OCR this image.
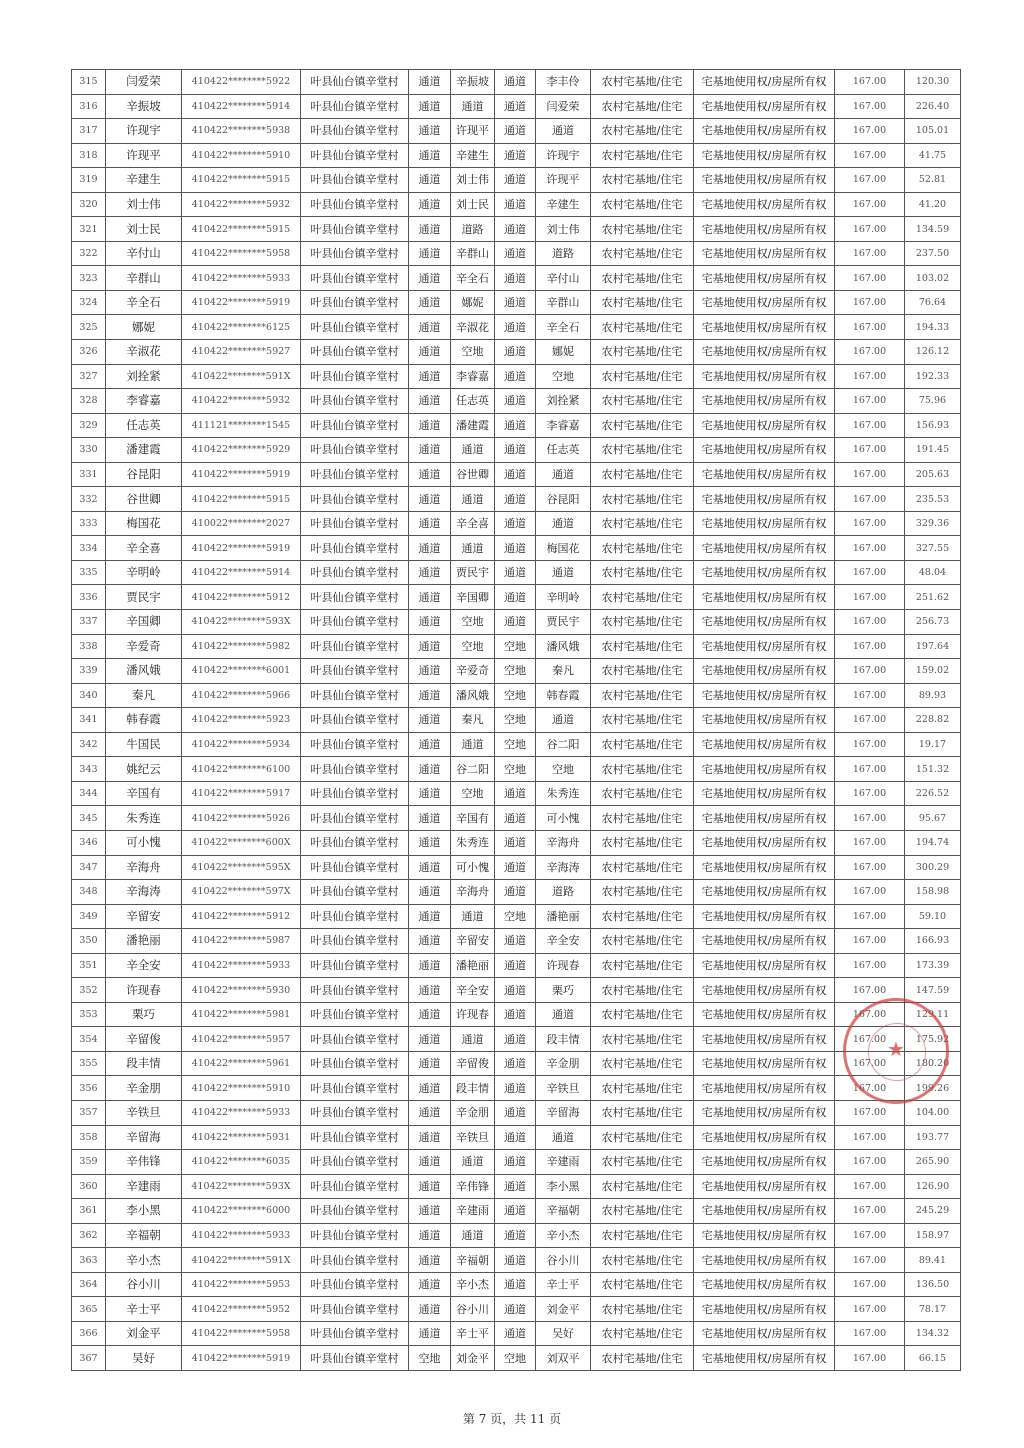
315	闫爱荣	410422********5922	叶县仙台镇辛堂村	通道	辛振坡	通道	李丰伶	农村宅基地/住宅	宅基地使用权/房屋所有权	167.00	120.30
316	辛振坡	410422********5914	叶县仙台镇辛堂村	通道	通道	通道	闫爱荣	农村宅基地/住宅	宅基地使用权/房屋所有权	167.00	226.40
317	许现宇	410422********5938	叶县仙台镇辛堂村	通道	许现平	通道	通道	农村宅基地/住宅	宅基地使用权/房屋所有权	167.00	105.01
318	许现平	410422********5910	叶县仙台镇辛堂村	通道	辛建生	通道	许现宇	农村宅基地/住宅	宅基地使用权/房屋所有权	167.00	41.75
319	辛建生	410422********5915	叶县仙台镇辛堂村	通道	刘士伟	通道	许现平	农村宅基地/住宅	宅基地使用权/房屋所有权	167.00	52.81
320	刘士伟	410422********5932	叶县仙台镇辛堂村	通道	刘士民	通道	辛建生	农村宅基地/住宅	宅基地使用权/房屋所有权	167.00	41.20
321	刘士民	410422********5915	叶县仙台镇辛堂村	通道	道路	通道	刘士伟	农村宅基地/住宅	宅基地使用权/房屋所有权	167.00	134.59
322	辛付山	410422********5958	叶县仙台镇辛堂村	通道	辛群山	通道	道路	农村宅基地/住宅	宅基地使用权/房屋所有权	167.00	237.50
323	辛群山	410422********5933	叶县仙台镇辛堂村	通道	辛全石	通道	辛付山	农村宅基地/住宅	宅基地使用权/房屋所有权	167.00	103.02
324	辛全石	410422********5919	叶县仙台镇辛堂村	通道	娜妮	通道	辛群山	农村宅基地/住宅	宅基地使用权/房屋所有权	167.00	76.64
325	娜妮	410422********6125	叶县仙台镇辛堂村	通道	辛淑花	通道	辛全石	农村宅基地/住宅	宅基地使用权/房屋所有权	167.00	194.33
326	辛淑花	410422********5927	叶县仙台镇辛堂村	通道	空地	通道	娜妮	农村宅基地/住宅	宅基地使用权/房屋所有权	167.00	126.12
327	刘拴紧	410422********591X	叶县仙台镇辛堂村	通道	李睿嘉	通道	空地	农村宅基地/住宅	宅基地使用权/房屋所有权	167.00	192.33
328	李睿嘉	410422********5932	叶县仙台镇辛堂村	通道	任志英	通道	刘拴紧	农村宅基地/住宅	宅基地使用权/房屋所有权	167.00	75.96
329	任志英	411121********1545	叶县仙台镇辛堂村	通道	潘建霞	通道	李睿嘉	农村宅基地/住宅	宅基地使用权/房屋所有权	167.00	156.93
330	潘建霞	410422********5929	叶县仙台镇辛堂村	通道	通道	通道	任志英	农村宅基地/住宅	宅基地使用权/房屋所有权	167.00	191.45
331	谷昆阳	410422********5919	叶县仙台镇辛堂村	通道	谷世卿	通道	通道	农村宅基地/住宅	宅基地使用权/房屋所有权	167.00	205.63
332	谷世卿	410422********5915	叶县仙台镇辛堂村	通道	通道	通道	谷昆阳	农村宅基地/住宅	宅基地使用权/房屋所有权	167.00	235.53
333	梅国花	410022********2027	叶县仙台镇辛堂村	通道	辛全喜	通道	通道	农村宅基地/住宅	宅基地使用权/房屋所有权	167.00	329.36
334	辛全喜	410422********5919	叶县仙台镇辛堂村	通道	通道	通道	梅国花	农村宅基地/住宅	宅基地使用权/房屋所有权	167.00	327.55
335	辛明岭	410422********5914	叶县仙台镇辛堂村	通道	贾民宇	通道	通道	农村宅基地/住宅	宅基地使用权/房屋所有权	167.00	48.04
336	贾民宇	410422********5912	叶县仙台镇辛堂村	通道	辛国卿	通道	辛明岭	农村宅基地/住宅	宅基地使用权/房屋所有权	167.00	251.62
337	辛国卿	410422********593X	叶县仙台镇辛堂村	通道	空地	通道	贾民宇	农村宅基地/住宅	宅基地使用权/房屋所有权	167.00	256.73
338	辛爱奇	410422********5982	叶县仙台镇辛堂村	通道	空地	空地	潘风娥	农村宅基地/住宅	宅基地使用权/房屋所有权	167.00	197.64
339	潘风娥	410422********6001	叶县仙台镇辛堂村	通道	辛爱奇	空地	秦凡	农村宅基地/住宅	宅基地使用权/房屋所有权	167.00	159.02
340	秦凡	410422********5966	叶县仙台镇辛堂村	通道	潘风娥	空地	韩春霞	农村宅基地/住宅	宅基地使用权/房屋所有权	167.00	89.93
341	韩春霞	410422********5923	叶县仙台镇辛堂村	通道	秦凡	空地	通道	农村宅基地/住宅	宅基地使用权/房屋所有权	167.00	228.82
342	牛国民	410422********5934	叶县仙台镇辛堂村	通道	通道	空地	谷二阳	农村宅基地/住宅	宅基地使用权/房屋所有权	167.00	19.17
343	姚纪云	410422********6100	叶县仙台镇辛堂村	通道	谷二阳	空地	空地	农村宅基地/住宅	宅基地使用权/房屋所有权	167.00	151.32
344	辛国有	410422********5917	叶县仙台镇辛堂村	通道	空地	通道	朱秀连	农村宅基地/住宅	宅基地使用权/房屋所有权	167.00	226.52
345	朱秀连	410422********5926	叶县仙台镇辛堂村	通道	辛国有	通道	可小愧	农村宅基地/住宅	宅基地使用权/房屋所有权	167.00	95.67
346	可小愧	410422********600X	叶县仙台镇辛堂村	通道	朱秀连	通道	辛海舟	农村宅基地/住宅	宅基地使用权/房屋所有权	167.00	194.74
347	辛海舟	410422********595X	叶县仙台镇辛堂村	通道	可小愧	通道	辛海涛	农村宅基地/住宅	宅基地使用权/房屋所有权	167.00	300.29
348	辛海涛	410422********597X	叶县仙台镇辛堂村	通道	辛海舟	通道	道路	农村宅基地/住宅	宅基地使用权/房屋所有权	167.00	158.98
349	辛留安	410422********5912	叶县仙台镇辛堂村	通道	通道	空地	潘艳丽	农村宅基地/住宅	宅基地使用权/房屋所有权	167.00	59.10
350	潘艳丽	410422********5987	叶县仙台镇辛堂村	通道	辛留安	通道	辛全安	农村宅基地/住宅	宅基地使用权/房屋所有权	167.00	166.93
351	辛全安	410422********5933	叶县仙台镇辛堂村	通道	潘艳丽	通道	许现春	农村宅基地/住宅	宅基地使用权/房屋所有权	167.00	173.39
352	许现春	410422********5930	叶县仙台镇辛堂村	通道	辛全安	通道	栗巧	农村宅基地/住宅	宅基地使用权/房屋所有权	167.00	147.59
353	栗巧	410422********5981	叶县仙台镇辛堂村	通道	许现春	通道	通道	农村宅基地/住宅	宅基地使用权/房屋所有权	167.00	129.11
354	辛留俊	410422********5957	叶县仙台镇辛堂村	通道	通道	通道	段丰情	农村宅基地/住宅	宅基地使用权/房屋所有权	167.00	175.92
355	段丰情	410422********5961	叶县仙台镇辛堂村	通道	辛留俊	通道	辛金朋	农村宅基地/住宅	宅基地使用权/房屋所有权	167.00	180.20
356	辛金朋	410422********5910	叶县仙台镇辛堂村	通道	段丰情	通道	辛铁旦	农村宅基地/住宅	宅基地使用权/房屋所有权	167.00	199.26
357	辛铁旦	410422********5933	叶县仙台镇辛堂村	通道	辛金朋	通道	辛留海	农村宅基地/住宅	宅基地使用权/房屋所有权	167.00	104.00
358	辛留海	410422********5931	叶县仙台镇辛堂村	通道	辛铁旦	通道	通道	农村宅基地/住宅	宅基地使用权/房屋所有权	167.00	193.77
359	辛伟锋	410422********6035	叶县仙台镇辛堂村	通道	通道	通道	辛建雨	农村宅基地/住宅	宅基地使用权/房屋所有权	167.00	265.90
360	辛建雨	410422********593X	叶县仙台镇辛堂村	通道	辛伟锋	通道	李小黑	农村宅基地/住宅	宅基地使用权/房屋所有权	167.00	126.90
361	李小黑	410422********6000	叶县仙台镇辛堂村	通道	辛建雨	通道	辛福朝	农村宅基地/住宅	宅基地使用权/房屋所有权	167.00	245.29
362	辛福朝	410422********5933	叶县仙台镇辛堂村	通道	通道	通道	辛小杰	农村宅基地/住宅	宅基地使用权/房屋所有权	167.00	158.97
363	辛小杰	410422********591X	叶县仙台镇辛堂村	通道	辛福朝	通道	谷小川	农村宅基地/住宅	宅基地使用权/房屋所有权	167.00	89.41
364	谷小川	410422********5953	叶县仙台镇辛堂村	通道	辛小杰	通道	辛士平	农村宅基地/住宅	宅基地使用权/房屋所有权	167.00	136.50
365	辛士平	410422********5952	叶县仙台镇辛堂村	通道	谷小川	通道	刘金平	农村宅基地/住宅	宅基地使用权/房屋所有权	167.00	78.17
366	刘金平	410422********5958	叶县仙台镇辛堂村	通道	辛士平	通道	吴好	农村宅基地/住宅	宅基地使用权/房屋所有权	167.00	134.32
367	吴好	410422********5919	叶县仙台镇辛堂村	空地	刘金平	空地	刘双平	农村宅基地/住宅	宅基地使用权/房屋所有权	167.00	66.15
★
第 7 页，共 11 页
